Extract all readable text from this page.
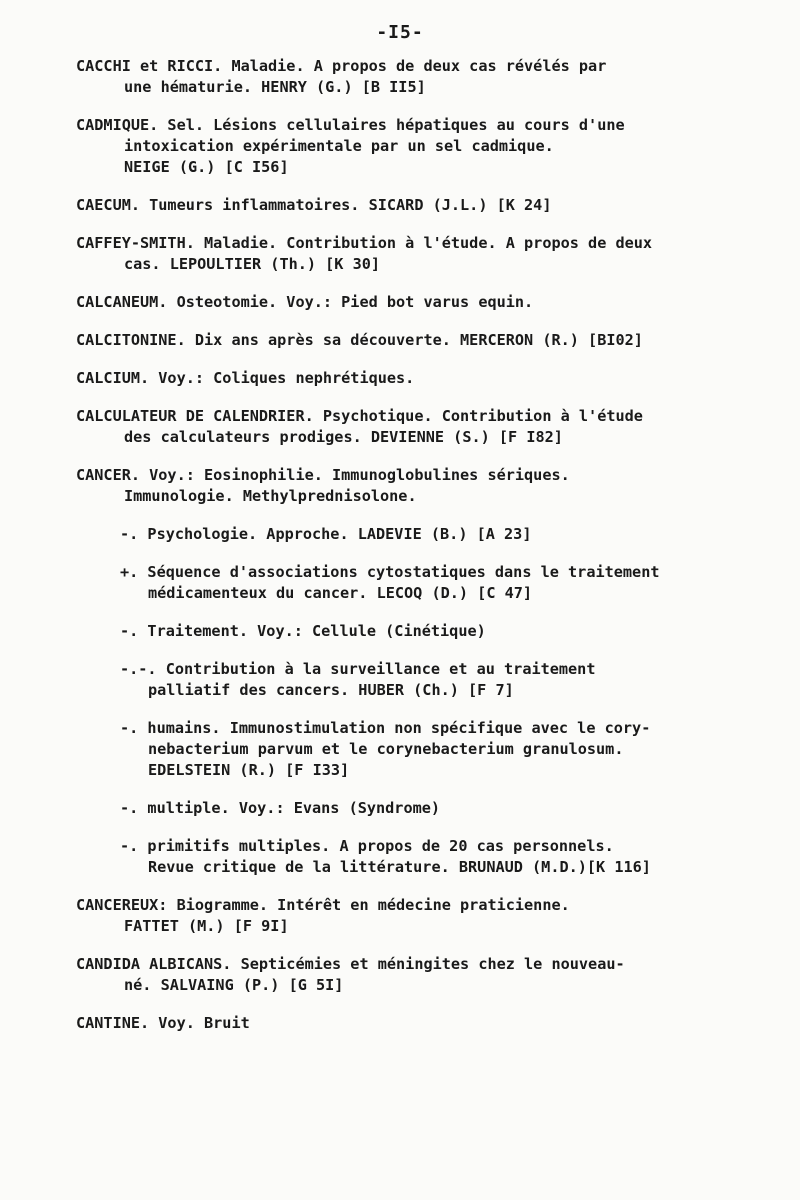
-I5-
CACCHI et RICCI. Maladie. A propos de deux cas révélés par
une hématurie. HENRY (G.) [B II5]
CADMIQUE. Sel. Lésions cellulaires hépatiques au cours d'une
intoxication expérimentale par un sel cadmique.
NEIGE (G.) [C I56]
CAECUM. Tumeurs inflammatoires. SICARD (J.L.) [K 24]
CAFFEY-SMITH. Maladie. Contribution à l'étude. A propos de deux
cas. LEPOULTIER (Th.) [K 30]
CALCANEUM. Osteotomie. Voy.: Pied bot varus equin.
CALCITONINE. Dix ans après sa découverte. MERCERON (R.) [BI02]
CALCIUM. Voy.: Coliques nephrétiques.
CALCULATEUR DE CALENDRIER. Psychotique. Contribution à l'étude
des calculateurs prodiges. DEVIENNE (S.) [F I82]
CANCER. Voy.: Eosinophilie. Immunoglobulines sériques.
Immunologie. Methylprednisolone.
-. Psychologie. Approche. LADEVIE (B.) [A 23]
+. Séquence d'associations cytostatiques dans le traitement
médicamenteux du cancer. LECOQ (D.) [C 47]
-. Traitement. Voy.: Cellule (Cinétique)
-.-. Contribution à la surveillance et au traitement
palliatif des cancers. HUBER (Ch.) [F 7]
-. humains. Immunostimulation non spécifique avec le cory-
nebacterium parvum et le corynebacterium granulosum.
EDELSTEIN (R.) [F I33]
-. multiple. Voy.: Evans (Syndrome)
-. primitifs multiples. A propos de 20 cas personnels.
Revue critique de la littérature. BRUNAUD (M.D.)[K 116]
CANCEREUX: Biogramme. Intérêt en médecine praticienne.
FATTET (M.) [F 9I]
CANDIDA ALBICANS. Septicémies et méningites chez le nouveau-
né. SALVAING (P.) [G 5I]
CANTINE. Voy. Bruit
